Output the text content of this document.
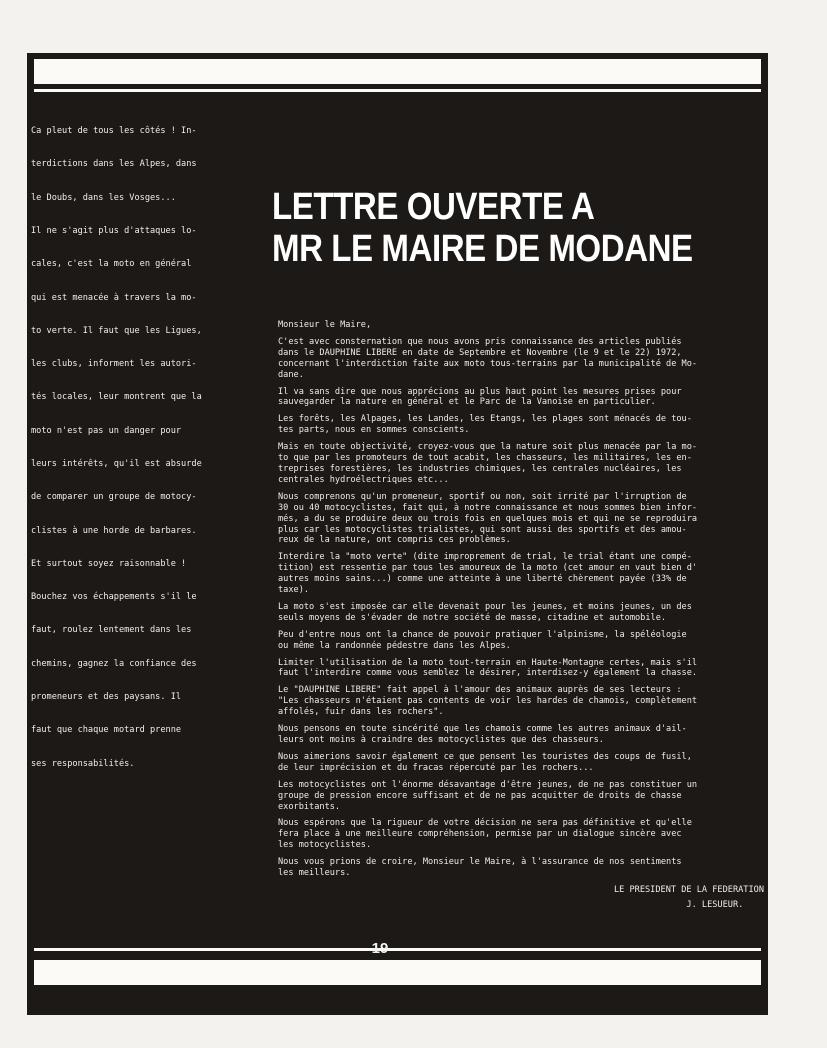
Ca pleut de tous les côtés ! In-

terdictions dans les Alpes, dans

le Doubs, dans les Vosges...

Il ne s'agit plus d'attaques lo-

cales, c'est la moto en général

qui est menacée à travers la mo-

to verte. Il faut que les Ligues,

les clubs, informent les autori-

tés locales, leur montrent que la

moto n'est pas un danger pour

leurs intérêts, qu'il est absurde

de comparer un groupe de motocy-

clistes à une horde de barbares.

Et surtout soyez raisonnable !

Bouchez vos échappements s'il le

faut, roulez lentement dans les

chemins, gagnez la confiance des

promeneurs et des paysans. Il

faut que chaque motard prenne

ses responsabilités.

LETTRE OUVERTE A
MR LE MAIRE DE MODANE
Monsieur le Maire,
C'est avec consternation que nous avons pris connaissance des articles publiés
dans le DAUPHINE LIBERE en date de Septembre et Novembre (le 9 et le 22) 1972,
concernant l'interdiction faite aux moto tous-terrains par la municipalité de Mo-
dane.
Il va sans dire que nous apprécions au plus haut point les mesures prises pour
sauvegarder la nature en général et le Parc de la Vanoise en particulier.
Les forêts, les Alpages, les Landes, les Etangs, les plages sont ménacés de tou-
tes parts, nous en sommes conscients.
Mais en toute objectivité, croyez-vous que la nature soit plus menacée par la mo-
to que par les promoteurs de tout acabit, les chasseurs, les militaires, les en-
treprises forestières, les industries chimiques, les centrales nucléaires, les
centrales hydroélectriques etc...
Nous comprenons qu'un promeneur, sportif ou non, soit irrité par l'irruption de
30 ou 40 motocyclistes, fait qui, à notre connaissance et nous sommes bien infor-
més, a du se produire deux ou trois fois en quelques mois et qui ne se reproduira
plus car les motocyclistes trialistes, qui sont aussi des sportifs et des amou-
reux de la nature, ont compris ces problèmes.
Interdire la "moto verte" (dite improprement de trial, le trial étant une compé-
tition) est ressentie par tous les amoureux de la moto (cet amour en vaut bien d'
autres moins sains...) comme une atteinte à une liberté chèrement payée (33% de
taxe).
La moto s'est imposée car elle devenait pour les jeunes, et moins jeunes, un des
seuls moyens de s'évader de notre société de masse, citadine et automobile.
Peu d'entre nous ont la chance de pouvoir pratiquer l'alpinisme, la spéléologie
ou même la randonnée pédestre dans les Alpes.
Limiter l'utilisation de la moto tout-terrain en Haute-Montagne certes, mais s'il
faut l'interdire comme vous semblez le désirer, interdisez-y également la chasse.
Le "DAUPHINE LIBERE" fait appel à l'amour des animaux auprès de ses lecteurs :
"Les chasseurs n'étaient pas contents de voir les hardes de chamois, complètement
affolés, fuir dans les rochers".
Nous pensons en toute sincérité que les chamois comme les autres animaux d'ail-
leurs ont moins à craindre des motocyclistes que des chasseurs.
Nous aimerions savoir également ce que pensent les touristes des coups de fusil,
de leur imprécision et du fracas répercuté par les rochers...
Les motocyclistes ont l'énorme désavantage d'être jeunes, de ne pas constituer un
groupe de pression encore suffisant et de ne pas acquitter de droits de chasse
exorbitants.
Nous espérons que la rigueur de votre décision ne sera pas définitive et qu'elle
fera place à une meilleure compréhension, permise par un dialogue sincère avec
les motocyclistes.
Nous vous prions de croire, Monsieur le Maire, à l'assurance de nos sentiments
les meilleurs.
LE PRESIDENT DE LA FEDERATION
J. LESUEUR.
19
